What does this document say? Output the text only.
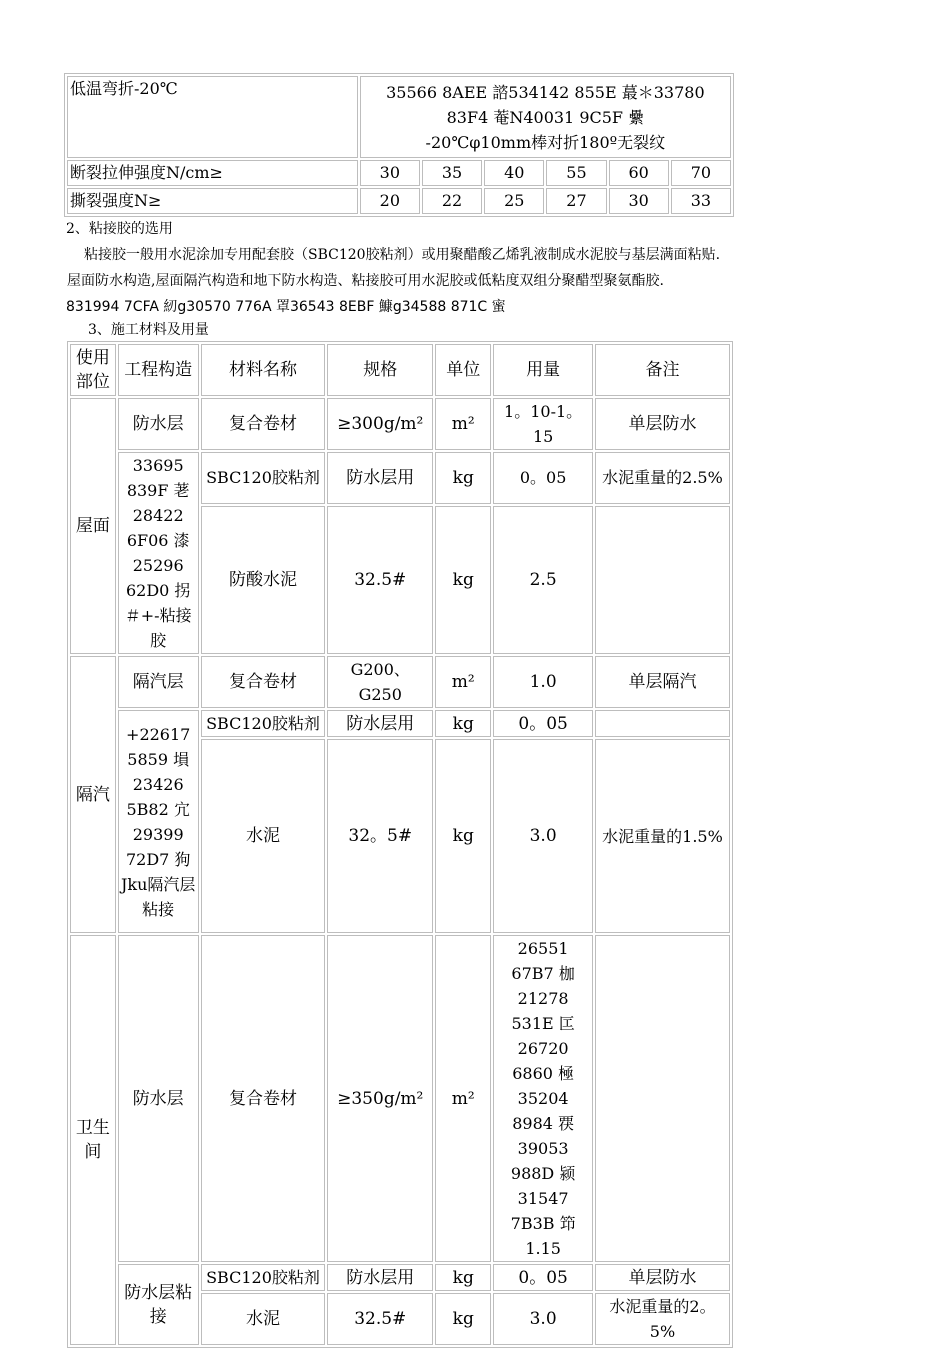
低温弯折-20℃	35566 8AEE 諮534142 855E 蕞＊33780 83F4 菴N40031 9C5F 纍
-20℃φ10mm棒对折180º无裂纹					
断裂拉伸强度N/cm≥	30	35	40	55	60	70
撕裂强度N≥	20	22	25	27	30	33
2、粘接胶的选用
粘接胶一般用水泥涂加专用配套胶（SBC120胶粘剂）或用聚醋酸乙烯乳液制成水泥胶与基层满面粘贴.
屋面防水构造,屋面隔汽构造和地下防水构造、粘接胶可用水泥胶或低粘度双组分聚醋型聚氨酯胶.
831994 7CFA 紉g30570 776A 罩36543 8EBF 鱇g34588 871C 蜜
3、施工材料及用量
使用部位	工程构造	材料名称	规格	单位	用量	备注
屋面	防水层	复合卷材	≥300g/m²	m²	1。10-1。15	单层防水
	33695 839F 荖28422 6F06 漆25296 62D0 拐＃+-粘接胶	SBC120胶粘剂	防水层用	kg	0。05	水泥重量的2.5%
		防酸水泥	32.5#	kg	2.5	
隔汽	隔汽层	复合卷材	G200、G250	m²	1.0	单层隔汽
	+22617 5859 塤23426 5B82 宂29399 72D7 狗Jku隔汽层粘接	SBC120胶粘剂	防水层用	kg	0。05	
		水泥	32。5#	kg	3.0	水泥重量的1.5%
卫生间	防水层	复合卷材	≥350g/m²	m²	26551 67B7 枷21278 531E 匞26720 6860 極35204 8984 覄39053 988D 颍31547 7B3B 笻1.15	
	防水层粘接	SBC120胶粘剂	防水层用	kg	0。05	单层防水
		水泥	32.5#	kg	3.0	水泥重量的2。5%
